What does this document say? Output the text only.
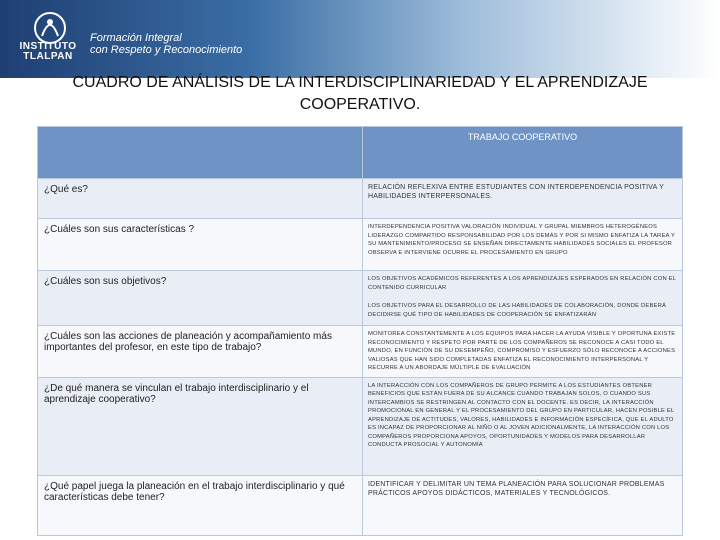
INSTITUTO TLALPAN
Formación Integral
con Respeto y Reconocimiento
CUADRO DE ANÁLISIS DE LA INTERDISCIPLINARIEDAD Y EL APRENDIZAJE
COOPERATIVO.
	TRABAJO COOPERATIVO
¿Qué es?	RELACIÓN REFLEXIVA ENTRE ESTUDIANTES CON INTERDEPENDENCIA POSITIVA Y HABILIDADES INTERPERSONALES.
¿Cuáles son sus características ?	INTERDEPENDENCIA POSITIVA VALORACIÓN INDIVIDUAL Y GRUPAL MIEMBROS HETEROGÉNEOS LIDERAZGO COMPARTIDO RESPONSABILIDAD POR LOS DEMÁS Y POR SI MISMO ENFATIZA LA TAREA Y SU MANTENIMIENTO/PROCESO SE ENSEÑAN DIRECTAMENTE HABILIDADES SOCIALES EL PROFESOR OBSERVA E INTERVIENE OCURRE EL PROCESAMIENTO EN GRUPO
¿Cuáles son sus objetivos?	LOS OBJETIVOS ACADÉMICOS REFERENTES A LOS APRENDIZAJES ESPERADOS EN RELACIÓN CON EL CONTENIDO CURRICULAR

LOS OBJETIVOS PARA EL DESARROLLO DE LAS HABILIDADES DE COLABORACIÓN, DONDE DEBERÁ DECIDIRSE QUÉ TIPO DE HABILIDADES DE COOPERACIÓN SE ENFATIZARÁN

¿Cuáles son las acciones de planeación y acompañamiento más importantes del profesor, en este tipo de trabajo?	MONITOREA CONSTANTEMENTE A LOS EQUIPOS PARA HACER LA AYUDA VISIBLE Y OPORTUNA EXISTE RECONOCIMIENTO Y RESPETO POR PARTE DE LOS COMPAÑEROS SE RECONOCE A CASI TODO EL MUNDO, EN FUNCIÓN DE SU DESEMPEÑO, COMPROMISO Y ESFUERZO SÓLO RECONOCE A ACCIONES VALIOSAS QUE HAN SIDO COMPLETADAS ENFATIZA EL RECONOCIMIENTO INTERPERSONAL Y RECURRE A UN ABORDAJE MÚLTIPLE DE EVALUACIÓN
¿De qué manera se vinculan el trabajo interdisciplinario y el aprendizaje cooperativo?	LA INTERACCIÓN CON LOS COMPAÑEROS DE GRUPO PERMITE A LOS ESTUDIANTES OBTENER BENEFICIOS QUE ESTÁN FUERA DE SU ALCANCE CUANDO TRABAJAN SOLOS, O CUANDO SUS INTERCAMBIOS SE RESTRINGEN AL CONTACTO CON EL DOCENTE. ES DECIR, LA INTERACCIÓN PROMOCIONAL EN GENERAL Y EL PROCESAMIENTO DEL GRUPO EN PARTICULAR, HACEN POSIBLE EL APRENDIZAJE DE ACTITUDES, VALORES, HABILIDADES E INFORMACIÓN ESPECÍFICA, QUE EL ADULTO ES INCAPAZ DE PROPORCIONAR AL NIÑO O AL JOVEN ADICIONALMENTE, LA INTERACCIÓN CON LOS COMPAÑEROS PROPORCIONA APOYOS, OPORTUNIDADES Y MODELOS PARA DESARROLLAR CONDUCTA PROSOCIAL Y AUTONOMÍA
¿Qué papel juega la planeación en el trabajo interdisciplinario y qué características debe tener?	IDENTIFICAR Y DELIMITAR UN TEMA PLANEACIÓN PARA SOLUCIONAR PROBLEMAS PRÁCTICOS APOYOS DIDÁCTICOS, MATERIALES Y TECNOLÓGICOS.
